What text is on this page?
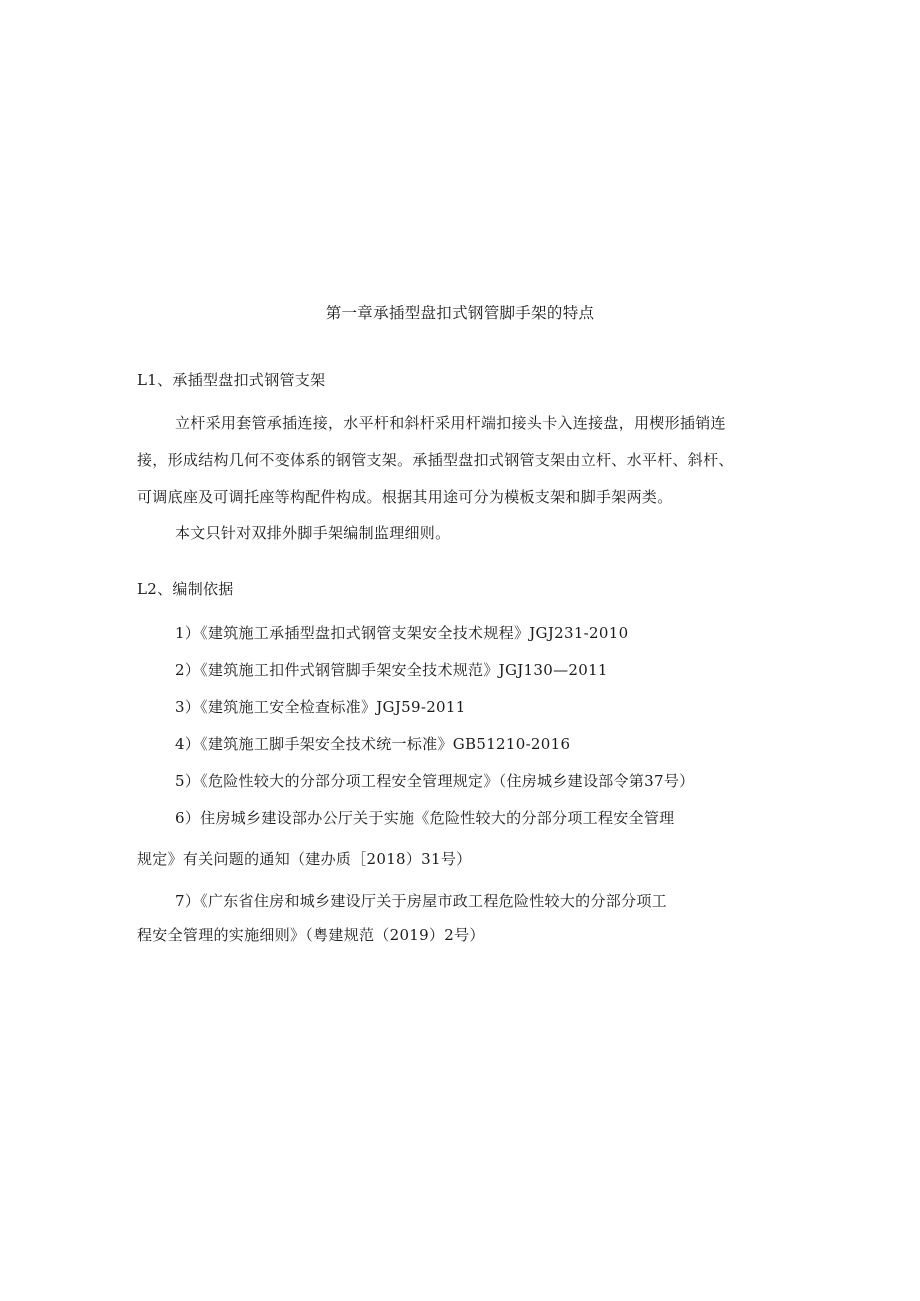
第一章承插型盘扣式钢管脚手架的特点
L1、承插型盘扣式钢管支架
立杆采用套管承插连接，水平杆和斜杆采用杆端扣接头卡入连接盘，用楔形插销连
接，形成结构几何不变体系的钢管支架。承插型盘扣式钢管支架由立杆、水平杆、斜杆、
可调底座及可调托座等构配件构成。根据其用途可分为模板支架和脚手架两类。
本文只针对双排外脚手架编制监理细则。
L2、编制依据
1）《建筑施工承插型盘扣式钢管支架安全技术规程》JGJ231-2010
2）《建筑施工扣件式钢管脚手架安全技术规范》JGJ130—2011
3）《建筑施工安全检查标准》JGJ59-2011
4）《建筑施工脚手架安全技术统一标准》GB51210-2016
5）《危险性较大的分部分项工程安全管理规定》（住房城乡建设部令第37号）
6）住房城乡建设部办公厅关于实施《危险性较大的分部分项工程安全管理
规定》有关问题的通知（建办质［2018）31号）
7）《广东省住房和城乡建设厅关于房屋市政工程危险性较大的分部分项工
程安全管理的实施细则》（粤建规范（2019）2号）
